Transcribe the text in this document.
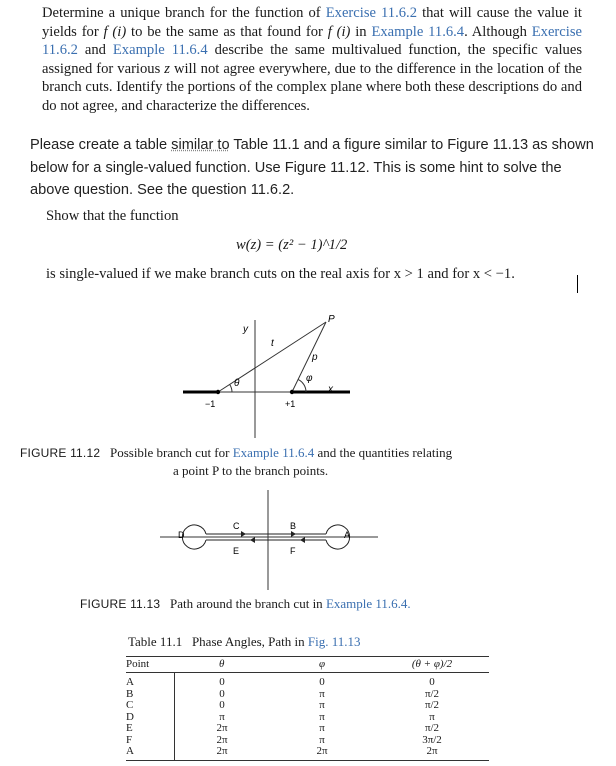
Determine a unique branch for the function of Exercise 11.6.2 that will cause the value it yields for f (i) to be the same as that found for f (i) in Example 11.6.4. Although Exercise 11.6.2 and Example 11.6.4 describe the same multivalued function, the specific values assigned for various z will not agree everywhere, due to the difference in the location of the branch cuts. Identify the portions of the complex plane where both these descriptions do and do not agree, and characterize the differences.
Please create a table similar to Table 11.1 and a figure similar to Figure 11.13 as shown below for a single-valued function. Use Figure 11.12. This is some hint to solve the above question. See the question 11.6.2.
Show that the function
w(z) = (z² − 1)^1/2
is single-valued if we make branch cuts on the real axis for x > 1 and for x < −1.
y
x
P
t
p
θ	φ
−1	+1
FIGURE 11.12 Possible branch cut for Example 11.6.4 and the quantities relating
a point P to the branch points.
D
C
E
B
F
A
FIGURE 11.13 Path around the branch cut in Example 11.6.4.
Table 11.1 Phase Angles, Path in Fig. 11.13
Point	θ	φ	(θ + φ)/2
A	0	0	0
B	0	π	π/2
C	0	π	π/2
D	π	π	π
E	2π	π	π/2
F	2π	π	3π/2
A	2π	2π	2π
